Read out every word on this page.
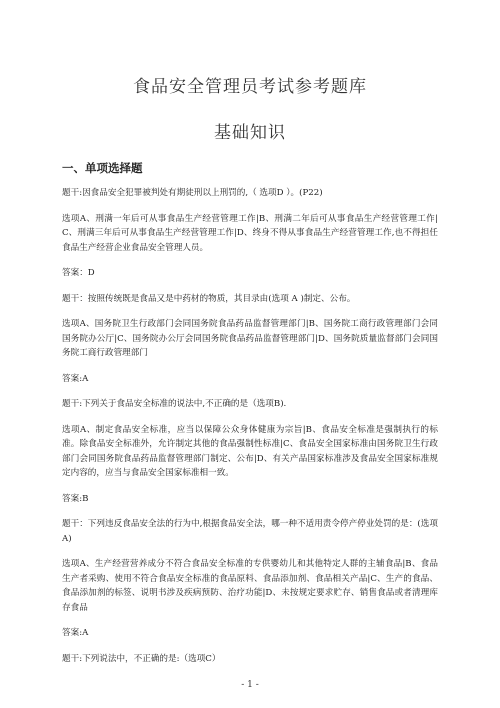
食品安全管理员考试参考题库
基础知识
一、单项选择题

题干:因食品安全犯罪被判处有期徒刑以上刑罚的,（ 选项D ）。(P22)

选项A、刑满一年后可从事食品生产经营管理工作|B、刑满二年后可从事食品生产经营管理工作|C、刑满三年后可从事食品生产经营管理工作|D、终身不得从事食品生产经营管理工作,也不得担任食品生产经营企业食品安全管理人员。

答案：D

题干：按照传统既是食品又是中药材的物质，其目录由(选项 A )制定、公布。

选项A、国务院卫生行政部门会同国务院食品药品监督管理部门|B、国务院工商行政管理部门会同国务院办公厅|C、国务院办公厅会同国务院食品药品监督管理部门|D、国务院质量监督部门会同国务院工商行政管理部门

答案:A

题干:下列关于食品安全标准的说法中,不正确的是（选项B).

选项A、制定食品安全标准，应当以保障公众身体健康为宗旨|B、食品安全标准是强制执行的标准。除食品安全标准外，允许制定其他的食品强制性标准|C、食品安全国家标准由国务院卫生行政部门会同国务院食品药品监督管理部门制定、公布|D、有关产品国家标准涉及食品安全国家标准规定内容的，应当与食品安全国家标准相一致。

答案:B

题干：下列违反食品安全法的行为中,根据食品安全法，哪一种不适用责令停产停业处罚的是：(选项A)

选项A、生产经营营养成分不符合食品安全标准的专供婴幼儿和其他特定人群的主辅食品|B、食品生产者采购、使用不符合食品安全标准的食品原料、食品添加剂、食品相关产品|C、生产的食品、食品添加剂的标签、说明书涉及疾病预防、治疗功能|D、未按规定要求贮存、销售食品或者清理库存食品

答案:A

题干:下列说法中，不正确的是:（选项C）

- 1 -
